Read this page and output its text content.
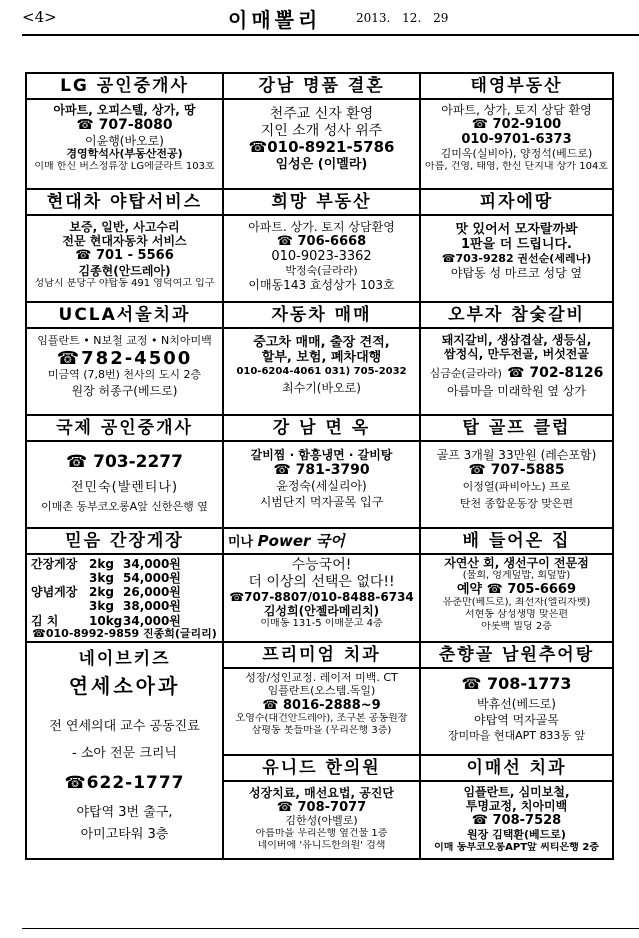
<4>	이매뽈리	2013. 12. 29
LG 공인중개사
아파트, 오피스텔, 상가, 땅
☎ 707-8080
이윤행(바오로)
경영학석사(부동산전공)
이매 한신 버스정류장 LG에클라트 103호
강남 명품 결혼
천주교 신자 환영
지인 소개 성사 위주
☎010-8921-5786
임성은 (이멜라)
태영부동산
아파트, 상가, 토지 상담 환영
☎ 702-9100
010-9701-6373
김미옥(실비아), 양정석(베드로)
아름, 건영, 태영, 한신 단지내 상가 104호
현대차 야탑서비스
보증, 일반, 사고수리
전문 현대자동차 서비스
☎ 701 - 5566
김종현(안드레아)
성남시 분당구 야탑동 491 영덕여고 입구
희망 부동산
아파트. 상가. 토지 상담환영
☎ 706-6668
010-9023-3362
박정숙(글라라)
이매동143 효성상가 103호
피자에땅
맛 있어서 모자랄까봐
1판을 더 드립니다.
☎703-9282 권선순(세레나)
야탑동 성 마르코 성당 옆
UCLA서울치과
임플란트 • N보철 교정 • N치아미백
☎782-4500
미금역 (7,8번) 천사의 도시 2층
원장 허종구(베드로)
자동차 매매
중고차 매매, 출장 견적,
할부, 보험, 폐차대행
010-6204-4061 031) 705-2032
최수기(바오로)
오부자 참숯갈비
돼지갈비, 생삼겹살, 생등심,
쌈정식, 만두전골, 버섯전골
심금순(글라라) ☎ 702-8126
아름마을 미래학원 옆 상가
국제 공인중개사
☎ 703-2277
전민숙(발렌티나)
이매촌 동부코오롱A앞 신한은행 옆
강 남 면 옥
갈비찜 · 함흥냉면 · 갈비탕
☎ 781-3790
윤정숙(세실리아)
시범단지 먹자골목 입구
탑 골프 클럽
골프 3개월 33만원 (레슨포함)
☎ 707-5885
이정열(파비아노) 프로
탄천 종합운동장 맞은편
믿음 간장게장
간장게장 2kg 34,000원
3kg 54,000원
양념게장 2kg 26,000원
3kg 38,000원
김 치	10kg34,000원
☎010-8992-9859 진종희(글리리)
미나 Power 국어
수능국어!
더 이상의 선택은 없다!!
☎707-8807/010-8488-6734
김성희(안젤라메리치)
이매동 131-5 이매문고 4층
배 들어온 집
자연산 회, 생선구이 전문점
(물회, 엉게덮밥, 회덮밥)
예약 ☎ 705-6669
유춘만(베드로), 최선자(엘리자벳)
서현동 삼성생명 맞은편
아롯백 빌딩 2층
네이브키즈
연세소아과
전 연세의대 교수 공동진료
- 소아 전문 크리닉
☎622-1777
야탑역 3번 출구,
아미고타워 3층
프리미엄 치과
성장/성인교정. 레이저 미백. CT
임플란트(오스템.독일)
☎ 8016-2888~9
오영수(대건안드레아), 조구본 공동원장
삼평동 봇들마을 (우리은행 3층)
춘향골 남원추어탕
☎ 708-1773
박휴선(베드로)
야탑역 먹자골목
장미마을 현대APT 833동 앞
유니드 한의원
성장치료, 매선요법, 공진단
☎ 708-7077
김한성(아벨로)
아름마을 우리은행 옆건물 1층
네이버에 '유니드한의원' 검색
이매선 치과
임플란트, 심미보철,
투명교정, 치아미백
☎ 708-7528
원장 김택환(베드로)
이매 동부코오롱APT앞 씨티은행 2층
